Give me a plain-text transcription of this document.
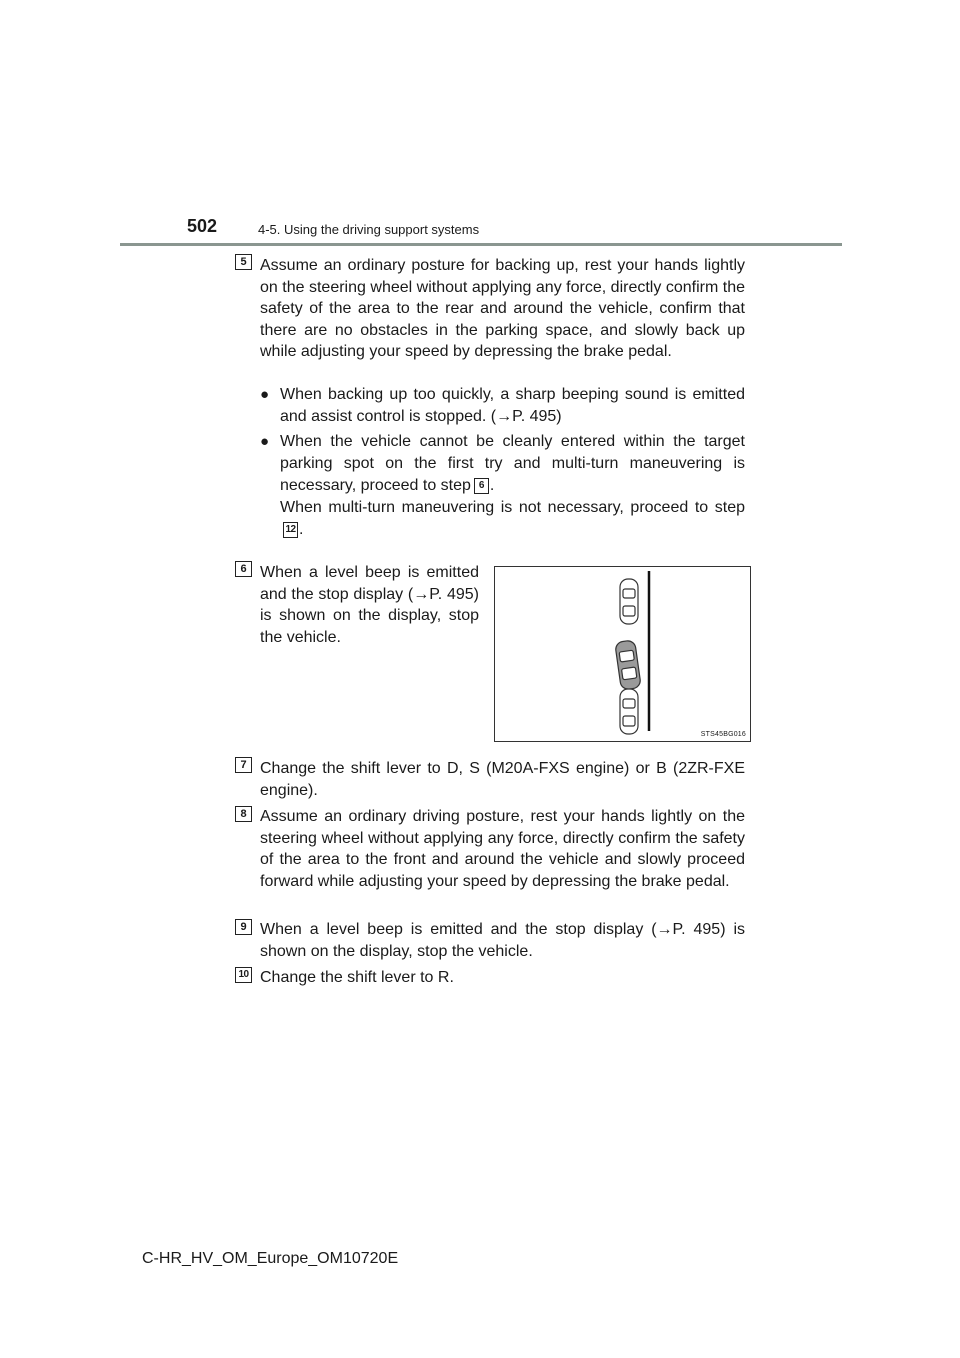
502	4-5. Using the driving support systems
5 Assume an ordinary posture for backing up, rest your hands lightly on the steering wheel without applying any force, directly confirm the safety of the area to the rear and around the vehicle, confirm that there are no obstacles in the parking space, and slowly back up while adjusting your speed by depressing the brake pedal.
● When backing up too quickly, a sharp beeping sound is emitted and assist control is stopped. (→P. 495)
● When the vehicle cannot be cleanly entered within the target parking spot on the first try and multi-turn maneuvering is necessary, proceed to step 6 .
When multi-turn maneuvering is not necessary, proceed to step12 .
6 When a level beep is emitted and the stop display (→P. 495) is shown on the display, stop the vehicle.
STS45BG016
7 Change the shift lever to D, S (M20A-FXS engine) or B (2ZR-FXE engine).
8 Assume an ordinary driving posture, rest your hands lightly on the steering wheel without applying any force, directly confirm the safety of the area to the front and around the vehicle and slowly proceed forward while adjusting your speed by depressing the brake pedal.
9 When a level beep is emitted and the stop display (→P. 495) is shown on the display, stop the vehicle.
10 Change the shift lever to R.
C-HR_HV_OM_Europe_OM10720E
